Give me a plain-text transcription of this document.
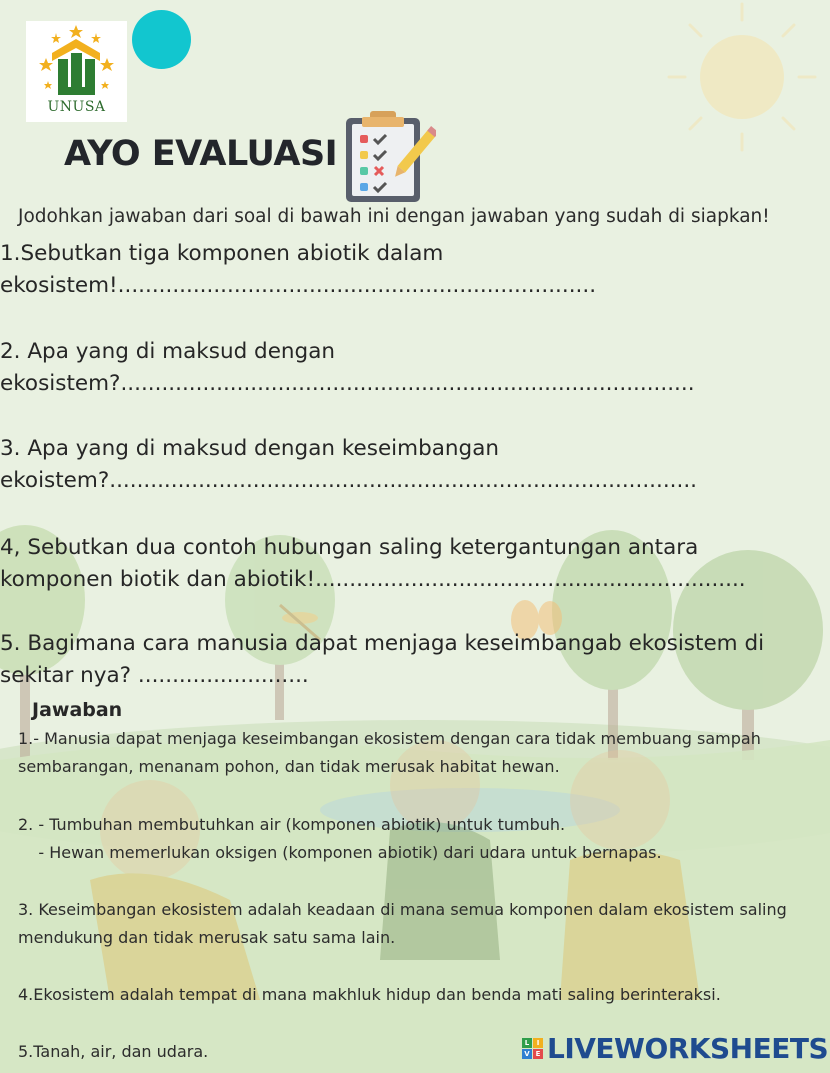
UNUSA
AYO EVALUASI
Jodohkan jawaban dari soal di bawah ini dengan jawaban yang sudah di siapkan!
1.Sebutkan tiga komponen abiotik dalam
ekosistem!......................................................................
2. Apa yang di maksud dengan
ekosistem?....................................................................................
3. Apa yang di maksud dengan keseimbangan
ekoistem?......................................................................................
4, Sebutkan dua contoh hubungan saling ketergantungan antara
komponen biotik dan abiotik!...............................................................
5. Bagimana cara manusia dapat menjaga keseimbangab ekosistem di
sekitar nya? .........................
Jawaban
1.- Manusia dapat menjaga keseimbangan ekosistem dengan cara tidak membuang sampah
sembarangan, menanam pohon, dan tidak merusak habitat hewan.
2. - Tumbuhan membutuhkan air (komponen abiotik) untuk tumbuh.
- Hewan memerlukan oksigen (komponen abiotik) dari udara untuk bernapas.
3. Keseimbangan ekosistem adalah keadaan di mana semua komponen dalam ekosistem saling
mendukung dan tidak merusak satu sama lain.
4.Ekosistem adalah tempat di mana makhluk hidup dan benda mati saling berinteraksi.
5.Tanah, air, dan udara.	L	I
V E LIVEWORKSHEETS
